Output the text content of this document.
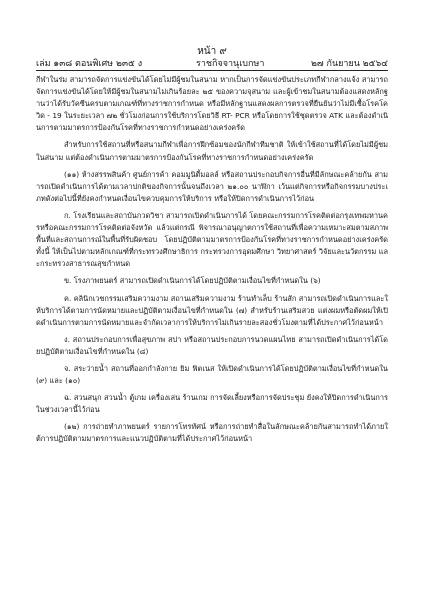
หน้า ๙
เล่ม ๑๓๘ ตอนพิเศษ ๒๓๕ ง	ราชกิจจานุเบกษา	๒๗ กันยายน ๒๕๖๔

กีฬาในร่ม สามารถจัดการแข่งขันได้โดยไม่มีผู้ชมในสนาม หากเป็นการจัดแข่งขันประเภทกีฬากลางแจ้ง สามารถจัดการแข่งขันได้โดยให้มีผู้ชมในสนามไม่เกินร้อยละ ๒๕ ของความจุสนาม และผู้เข้าชมในสนามต้องแสดงหลักฐานว่าได้รับวัคซีนครบตามเกณฑ์ที่ทางราชการกำหนด หรือมีหลักฐานแสดงผลการตรวจที่ยืนยันว่าไม่มีเชื้อโรคโควิด - 19 ในระยะเวลา ๗๒ ชั่วโมงก่อนการใช้บริการโดยวิธี RT- PCR หรือโดยการใช้ชุดตรวจ ATK และต้องดำเนินการตามมาตรการป้องกันโรคที่ทางราชการกำหนดอย่างเคร่งครัด

สำหรับการใช้สถานที่หรือสนามกีฬาเพื่อการฝึกซ้อมของนักกีฬาทีมชาติ ให้เข้าใช้สถานที่ได้โดยไม่มีผู้ชมในสนาม แต่ต้องดำเนินการตามมาตรการป้องกันโรคที่ทางราชการกำหนดอย่างเคร่งครัด

(๑๑) ห้างสรรพสินค้า ศูนย์การค้า คอมมูนิตี้มอลล์ หรือสถานประกอบกิจการอื่นที่มีลักษณะคล้ายกัน สามารถเปิดดำเนินการได้ตามเวลาปกติของกิจการนั้นจนถึงเวลา ๒๑.๐๐ นาฬิกา เว้นแต่กิจการหรือกิจกรรมบางประเภทดังต่อไปนี้ที่ยังคงกำหนดเงื่อนไขควบคุมการให้บริการ หรือให้ปิดการดำเนินการไว้ก่อน

ก. โรงเรียนและสถาบันกวดวิชา สามารถเปิดดำเนินการได้ โดยคณะกรรมการโรคติดต่อกรุงเทพมหานครหรือคณะกรรมการโรคติดต่อจังหวัด แล้วแต่กรณี พิจารณาอนุญาตการใช้สถานที่เพื่อความเหมาะสมตามสภาพพื้นที่และสถานการณ์ในพื้นที่รับผิดชอบ โดยปฏิบัติตามมาตรการป้องกันโรคที่ทางราชการกำหนดอย่างเคร่งครัด ทั้งนี้ ให้เป็นไปตามหลักเกณฑ์ที่กระทรวงศึกษาธิการ กระทรวงการอุดมศึกษา วิทยาศาสตร์ วิจัยและนวัตกรรม และกระทรวงสาธารณสุขกำหนด

ข. โรงภาพยนตร์ สามารถเปิดดำเนินการได้โดยปฏิบัติตามเงื่อนไขที่กำหนดใน (๖)

ค. คลินิกเวชกรรมเสริมความงาม สถานเสริมความงาม ร้านทำเล็บ ร้านสัก สามารถเปิดดำเนินการและให้บริการได้ตามการนัดหมายและปฏิบัติตามเงื่อนไขที่กำหนดใน (๗) สำหรับร้านเสริมสวย แต่งผมหรือตัดผมให้เปิดดำเนินการตามการนัดหมายและจำกัดเวลาการให้บริการไม่เกินรายละสองชั่วโมงตามที่ได้ประกาศไว้ก่อนหน้า

ง. สถานประกอบการเพื่อสุขภาพ สปา หรือสถานประกอบการนวดแผนไทย สามารถเปิดดำเนินการได้โดยปฏิบัติตามเงื่อนไขที่กำหนดใน (๘)

จ. สระว่ายน้ำ สถานที่ออกกำลังกาย ยิม ฟิตเนส ให้เปิดดำเนินการได้โดยปฏิบัติตามเงื่อนไขที่กำหนดใน (๙) และ (๑๐)

ฉ. สวนสนุก สวนน้ำ ตู้เกม เครื่องเล่น ร้านเกม การจัดเลี้ยงหรือการจัดประชุม ยังคงให้ปิดการดำเนินการในช่วงเวลานี้ไว้ก่อน

(๑๒) การถ่ายทำภาพยนตร์ รายการโทรทัศน์ หรือการถ่ายทำสื่อในลักษณะคล้ายกันสามารถทำได้ภายใต้การปฏิบัติตามมาตรการและแนวปฏิบัติตามที่ได้ประกาศไว้ก่อนหน้า
